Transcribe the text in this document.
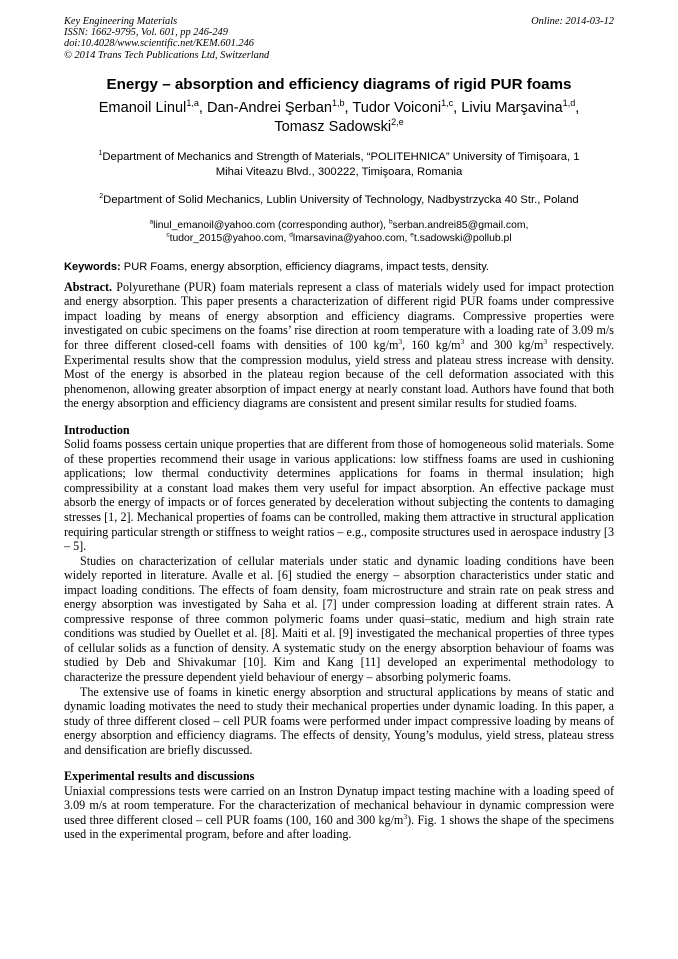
Key Engineering Materials
ISSN: 1662-9795, Vol. 601, pp 246-249
doi:10.4028/www.scientific.net/KEM.601.246
© 2014 Trans Tech Publications Ltd, Switzerland
Online: 2014-03-12
Energy – absorption and efficiency diagrams of rigid PUR foams
Emanoil Linul$^{1,a}$, Dan-Andrei Şerban$^{1,b}$, Tudor Voiconi$^{1,c}$, Liviu Marşavina$^{1,d}$,
Tomasz Sadowski$^{2,e}$
$^1$Department of Mechanics and Strength of Materials, “POLITEHNICA” University of Timişoara, 1
Mihai Viteazu Blvd., 300222, Timişoara, Romania
$^2$Department of Solid Mechanics, Lublin University of Technology, Nadbystrzycka 40 Str., Poland
$^a$linul_emanoil@yahoo.com (corresponding author), $^b$serban.andrei85@gmail.com,
$^c$tudor_2015@yahoo.com, $^d$lmarsavina@yahoo.com, $^e$t.sadowski@pollub.pl
Keywords: PUR Foams, energy absorption, efficiency diagrams, impact tests, density.
Abstract. Polyurethane (PUR) foam materials represent a class of materials widely used for impact protection and energy absorption. This paper presents a characterization of different rigid PUR foams under compressive impact loading by means of energy absorption and efficiency diagrams. Compressive properties were investigated on cubic specimens on the foams’ rise direction at room temperature with a loading rate of 3.09 m/s for three different closed-cell foams with densities of 100 $kg/m^3$, 160 $kg/m^3$ and 300 $kg/m^3$ respectively. Experimental results show that the compression modulus, yield stress and plateau stress increase with density. Most of the energy is absorbed in the plateau region because of the cell deformation associated with this phenomenon, allowing greater absorption of impact energy at nearly constant load. Authors have found that both the energy absorption and efficiency diagrams are consistent and present similar results for studied foams.
Introduction
Solid foams possess certain unique properties that are different from those of homogeneous solid materials. Some of these properties recommend their usage in various applications: low stiffness foams are used in cushioning applications; low thermal conductivity determines applications for foams in thermal insulation; high compressibility at a constant load makes them very useful for impact absorption. An effective package must absorb the energy of impacts or of forces generated by deceleration without subjecting the contents to damaging stresses [1, 2]. Mechanical properties of foams can be controlled, making them attractive in structural application requiring particular strength or stiffness to weight ratios – e.g., composite structures used in aerospace industry [3 – 5].
Studies on characterization of cellular materials under static and dynamic loading conditions have been widely reported in literature. Avalle et al. [6] studied the energy – absorption characteristics under static and impact loading conditions. The effects of foam density, foam microstructure and strain rate on peak stress and energy absorption was investigated by Saha et al. [7] under compression loading at different strain rates. A compressive response of three common polymeric foams under quasi–static, medium and high strain rate conditions was studied by Ouellet et al. [8]. Maiti et al. [9] investigated the mechanical properties of three types of cellular solids as a function of density. A systematic study on the energy absorption behaviour of foams was studied by Deb and Shivakumar [10]. Kim and Kang [11] developed an experimental methodology to characterize the pressure dependent yield behaviour of energy – absorbing polymeric foams.
The extensive use of foams in kinetic energy absorption and structural applications by means of static and dynamic loading motivates the need to study their mechanical properties under dynamic loading. In this paper, a study of three different closed – cell PUR foams were performed under impact compressive loading by means of energy absorption and efficiency diagrams. The effects of density, Young’s modulus, yield stress, plateau stress and densification are briefly discussed.
Experimental results and discussions
Uniaxial compressions tests were carried on an Instron Dynatup impact testing machine with a loading speed of 3.09 m/s at room temperature. For the characterization of mechanical behaviour in dynamic compression were used three different closed – cell PUR foams (100, 160 and 300 $kg/m^3$). Fig. 1 shows the shape of the specimens used in the experimental program, before and after loading.
